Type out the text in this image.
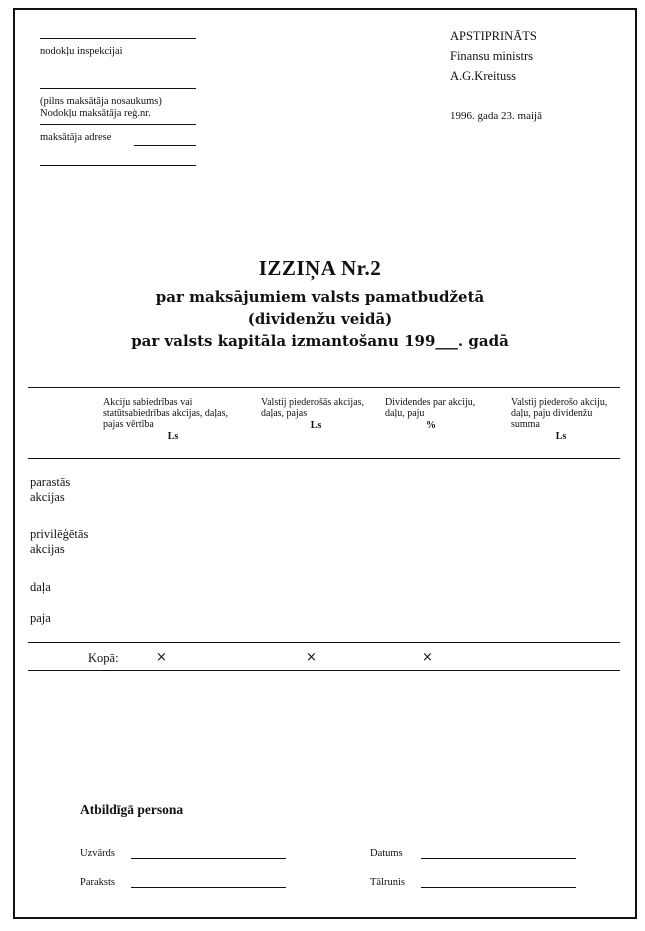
nodokļu inspekcijai
(pilns maksātāja nosaukums)
Nodokļu maksātāja reģ.nr.
maksātāja adrese
APSTIPRINĀTS
Finansu ministrs
A.G.Kreituss
1996. gada 23. maijā
IZZIŅA Nr.2
par maksājumiem valsts pamatbudžetā
(dividenžu veidā)
par valsts kapitāla izmantošanu 199___. gadā
Akciju sabiedrības vai statūtsabiedrības akcijas, daļas, pajas vērtība
Ls
Valstij piederošās akcijas, daļas, pajas
Ls
Dividendes par akciju, daļu, paju
%
Valstij piederošo akciju, daļu, paju dividenžu summa
Ls
parastās akcijas
privilēģētās akcijas
daļa
paja
Kopā:	×	×	×
Atbildīgā persona
Uzvārds
Paraksts
Datums
Tālrunis
